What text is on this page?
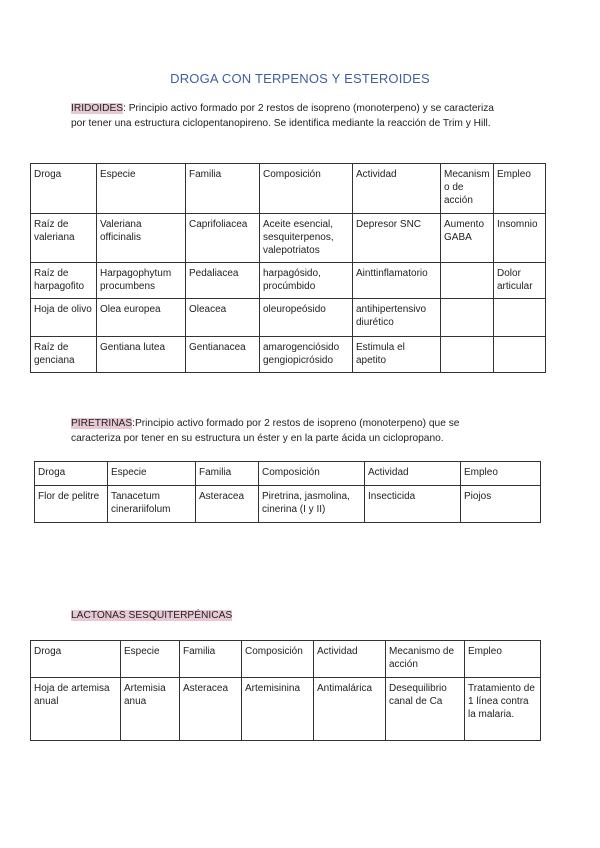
DROGA CON TERPENOS Y ESTEROIDES
IRIDOIDES: Principio activo formado por 2 restos de isopreno (monoterpeno) y se caracteriza por tener una estructura ciclopentanopireno. Se identifica mediante la reacción de Trim y Hill.
Droga	Especie	Familia	Composición	Actividad	Mecanismo de acción	Empleo
Raíz de valeriana	Valeriana officinalis	Caprifoliacea	Aceite esencial, sesquiterpenos, valepotriatos	Depresor SNC	Aumento GABA	Insomnio
Raíz de harpagofito	Harpagophytum procumbens	Pedaliacea	harpagósido, procúmbido	Ainttinflamatorio		Dolor articular
Hoja de olivo	Olea europea	Oleacea	oleuropeósido	antihipertensivo diurético		
Raíz de genciana	Gentiana lutea	Gentianacea	amarogenciósido gengiopicrósido	Estimula el apetito		
PIRETRINAS:Principio activo formado por 2 restos de isopreno (monoterpeno) que se caracteriza por tener en su estructura un éster y en la parte ácida un ciclopropano.
Droga	Especie	Familia	Composición	Actividad	Empleo
Flor de pelitre	Tanacetum cinerariifolum	Asteracea	Piretrina, jasmolina, cinerina (I y II)	Insecticida	Piojos
LACTONAS SESQUITERPÉNICAS
Droga	Especie	Familia	Composición	Actividad	Mecanismo de acción	Empleo
Hoja de artemisa anual	Artemisia anua	Asteracea	Artemisinina	Antimalárica	Desequilibrio canal de Ca	Tratamiento de 1 línea contra la malaria.
